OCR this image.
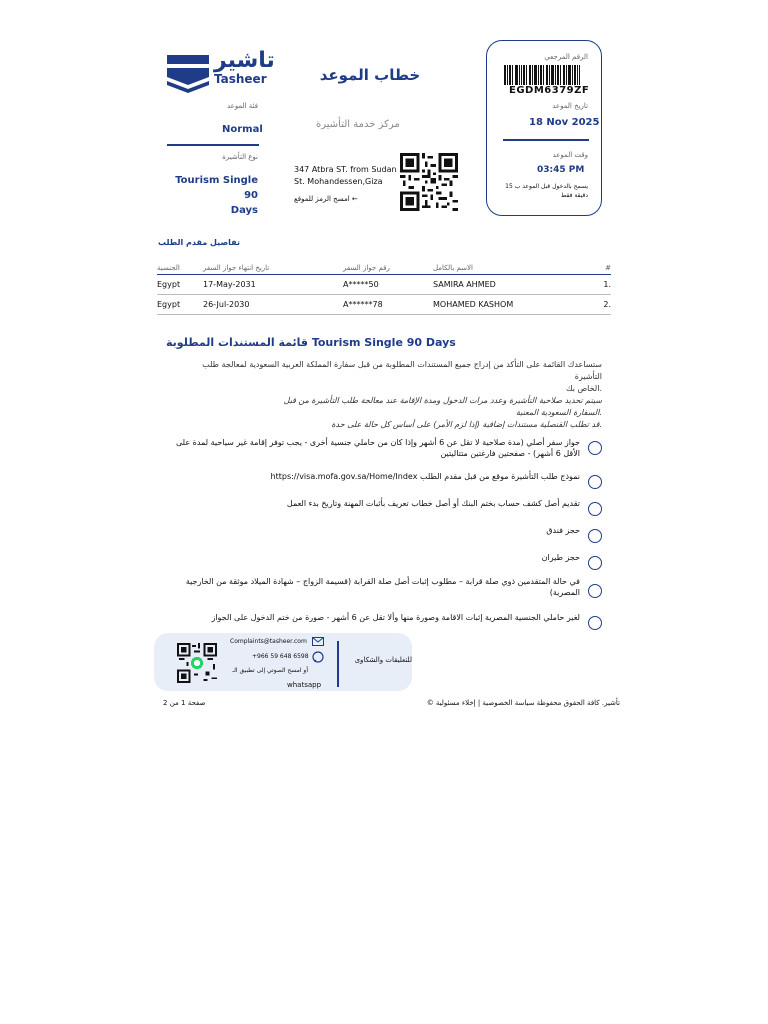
تاشير
Tasheer	خطاب الموعد
فئة الموعد
Normal
نوع التأشيرة
Tourism Single 90
Days
مركز خدمة التأشيرة
347 Atbra ST. from Sudan
St. Mohandessen,Giza
امسح الرمز للموقع ←
الرقم المرجعي
EGDM6379ZF
تاريخ الموعد
18 Nov 2025
وقت الموعد
03:45 PM
يسمح بالدخول قبل الموعد ب 15
دقيقة فقط
تفاصيل مقدم الطلب
الجنسية	تاريخ انتهاء جواز السفر	رقم جواز السفر	الاسم بالكامل	#
Egypt	17-May-2031	A*****50	SAMIRA AHMED	1.
Egypt	26-Jul-2030	A******78	MOHAMED KASHOM	2.
قائمة المستندات المطلوبة Tourism Single 90 Days
ستساعدك القائمة على التأكد من إدراج جميع المستندات المطلوبة من قبل سفارة المملكة العربية السعودية لمعالجة طلب التأشيرة
.الخاص بك
سيتم تحديد صلاحية التأشيرة وعدد مرات الدخول ومدة الإقامة عند معالجة طلب التأشيرة من قبل
.السفارة السعودية المعنية
.قد تطلب القنصلية مستندات إضافية (إذا لزم الأمر) على أساس كل حالة على حدة
جواز سفر أصلي (مدة صلاحية لا تقل عن 6 أشهر وإذا كان من حاملي جنسية أخرى - يجب توفر إقامة غير سياحية لمدة على الأقل 6 أشهر) - صفحتين فارغتين متتاليتين
نموذج طلب التأشيرة موقع من قبل مقدم الطلب https://visa.mofa.gov.sa/Home/Index
تقديم أصل كشف حساب بختم البنك أو أصل خطاب تعريف بأثبات المهنة وتاريخ بدء العمل
حجز فندق
حجز طيران
في حالة المتقدمين ذوي صلة قرابة – مطلوب إثبات أصل صلة القرابة (قسيمة الزواج – شهادة الميلاد موثقة من الخارجية المصرية)
لغير حاملي الجنسية المصرية إثبات الاقامة وصورة منها وألا تقل عن 6 أشهر - صورة من ختم الدخول على الجواز
Complaints@tasheer.com
+966 59 648 6598
أو امسح الصوتي إلى تطبيق الـ
whatsapp
للتعليقات والشكاوى
تأشير. كافة الحقوق محفوظة سياسة الخصوصية | إخلاء مسئولية ©
صفحة 1 من 2
